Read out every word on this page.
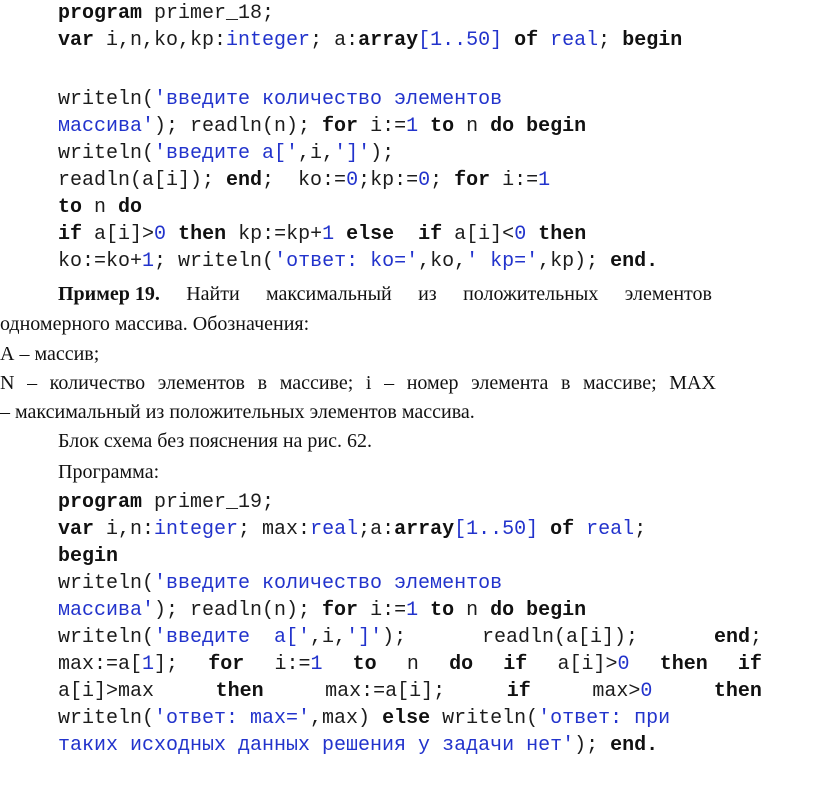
program primer_18;
var i,n,ko,kp:integer; a:array[1..50] of real; begin
writeln('введите количество элементов
массива'); readln(n); for i:=1 to n do begin
writeln('введите a[',i,']');
readln(a[i]); end;  ko:=0;kp:=0; for i:=1
to n do
if a[i]>0 then kp:=kp+1 else if a[i]<0 then
ko:=ko+1; writeln('ответ: ko=',ko,' kp=',kp); end.
Пример 19. Найти максимальный из положительных элементов
одномерного массива. Обозначения:
А – массив;
N – количество элементов в массиве; i – номер элемента в массиве; MAX
– максимальный из положительных элементов массива.
Блок схема без пояснения на рис. 62.
Программа:
program primer_19;
var i,n:integer; max:real;a:array[1..50] of real;
begin
writeln('введите количество элементов
массива'); readln(n); for i:=1 to n do begin
writeln('введите  a[',i,']');	readln(a[i]);	end;
max:=a[1]; for i:=1 to n do if a[i]>0 then if
a[i]>max	then	max:=a[i];	if	max>0	then
writeln('ответ: max=',max) else writeln('ответ: при
таких исходных данных решения у задачи нет'); end.
